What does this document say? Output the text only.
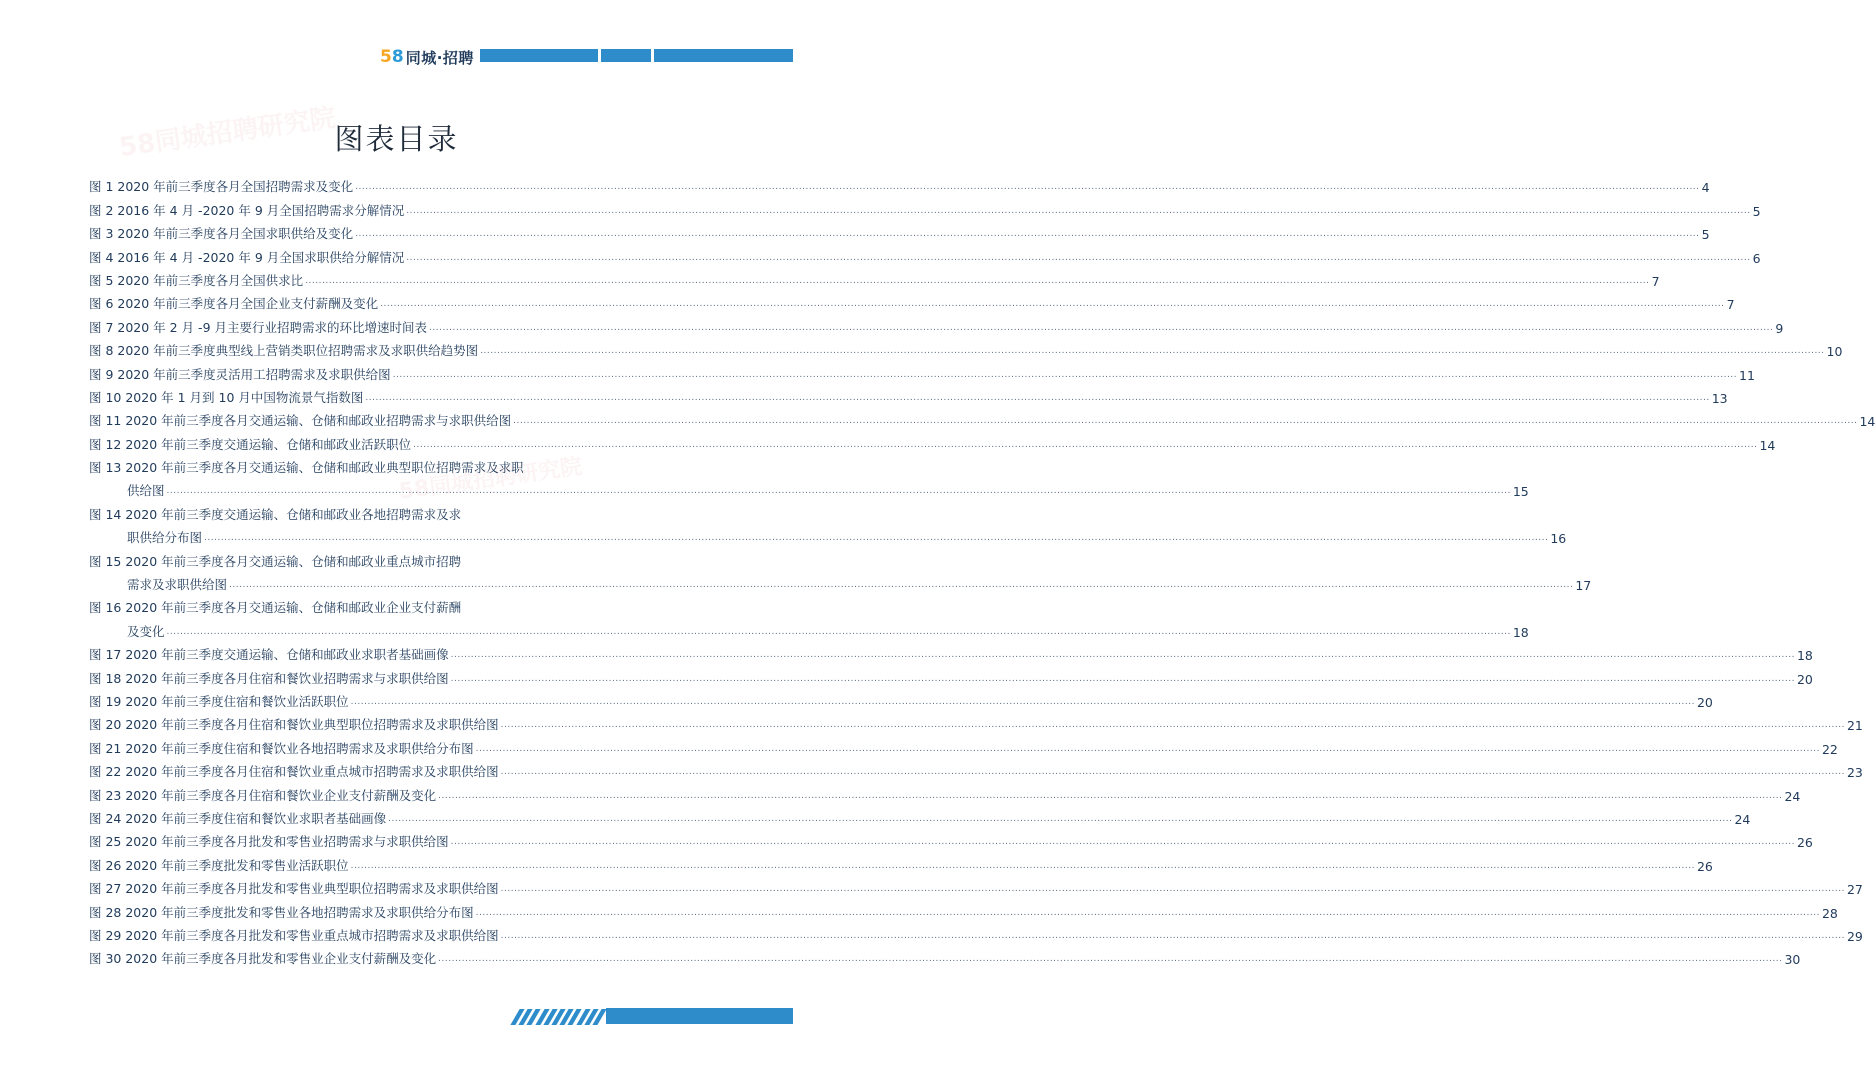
58 同城·招聘
58同城招聘研究院
58同城招聘研究院
图表目录
图 1 2020 年前三季度各月全国招聘需求及变化 ................................................................................................................................................................................................................................................................................................................................................................................................................ 4
图 2 2016 年 4 月 -2020 年 9 月全国招聘需求分解情况 ................................................................................................................................................................................................................................................................................................................................................................................................................ 5
图 3 2020 年前三季度各月全国求职供给及变化 ................................................................................................................................................................................................................................................................................................................................................................................................................ 5
图 4 2016 年 4 月 -2020 年 9 月全国求职供给分解情况 ................................................................................................................................................................................................................................................................................................................................................................................................................ 6
图 5 2020 年前三季度各月全国供求比 ................................................................................................................................................................................................................................................................................................................................................................................................................ 7
图 6 2020 年前三季度各月全国企业支付薪酬及变化 ................................................................................................................................................................................................................................................................................................................................................................................................................ 7
图 7 2020 年 2 月 -9 月主要行业招聘需求的环比增速时间表 ................................................................................................................................................................................................................................................................................................................................................................................................................ 9
图 8 2020 年前三季度典型线上营销类职位招聘需求及求职供给趋势图 ................................................................................................................................................................................................................................................................................................................................................................................................................ 10
图 9 2020 年前三季度灵活用工招聘需求及求职供给图 ................................................................................................................................................................................................................................................................................................................................................................................................................ 11
图 10 2020 年 1 月到 10 月中国物流景气指数图 ................................................................................................................................................................................................................................................................................................................................................................................................................ 13
图 11 2020 年前三季度各月交通运输、仓储和邮政业招聘需求与求职供给图 ................................................................................................................................................................................................................................................................................................................................................................................................................ 14
图 12 2020 年前三季度交通运输、仓储和邮政业活跃职位 ................................................................................................................................................................................................................................................................................................................................................................................................................ 14
图 13 2020 年前三季度各月交通运输、仓储和邮政业典型职位招聘需求及求职
供给图 ................................................................................................................................................................................................................................................................................................................................................................................................................ 15
图 14 2020 年前三季度交通运输、仓储和邮政业各地招聘需求及求
职供给分布图 ................................................................................................................................................................................................................................................................................................................................................................................................................ 16
图 15 2020 年前三季度各月交通运输、仓储和邮政业重点城市招聘
需求及求职供给图 ................................................................................................................................................................................................................................................................................................................................................................................................................ 17
图 16 2020 年前三季度各月交通运输、仓储和邮政业企业支付薪酬
及变化 ................................................................................................................................................................................................................................................................................................................................................................................................................ 18
图 17 2020 年前三季度交通运输、仓储和邮政业求职者基础画像 ................................................................................................................................................................................................................................................................................................................................................................................................................ 18
图 18 2020 年前三季度各月住宿和餐饮业招聘需求与求职供给图 ................................................................................................................................................................................................................................................................................................................................................................................................................ 20
图 19 2020 年前三季度住宿和餐饮业活跃职位 ................................................................................................................................................................................................................................................................................................................................................................................................................ 20
图 20 2020 年前三季度各月住宿和餐饮业典型职位招聘需求及求职供给图 ................................................................................................................................................................................................................................................................................................................................................................................................................ 21
图 21 2020 年前三季度住宿和餐饮业各地招聘需求及求职供给分布图 ................................................................................................................................................................................................................................................................................................................................................................................................................ 22
图 22 2020 年前三季度各月住宿和餐饮业重点城市招聘需求及求职供给图 ................................................................................................................................................................................................................................................................................................................................................................................................................ 23
图 23 2020 年前三季度各月住宿和餐饮业企业支付薪酬及变化 ................................................................................................................................................................................................................................................................................................................................................................................................................ 24
图 24 2020 年前三季度住宿和餐饮业求职者基础画像 ................................................................................................................................................................................................................................................................................................................................................................................................................ 24
图 25 2020 年前三季度各月批发和零售业招聘需求与求职供给图 ................................................................................................................................................................................................................................................................................................................................................................................................................ 26
图 26 2020 年前三季度批发和零售业活跃职位 ................................................................................................................................................................................................................................................................................................................................................................................................................ 26
图 27 2020 年前三季度各月批发和零售业典型职位招聘需求及求职供给图 ................................................................................................................................................................................................................................................................................................................................................................................................................ 27
图 28 2020 年前三季度批发和零售业各地招聘需求及求职供给分布图 ................................................................................................................................................................................................................................................................................................................................................................................................................ 28
图 29 2020 年前三季度各月批发和零售业重点城市招聘需求及求职供给图 ................................................................................................................................................................................................................................................................................................................................................................................................................ 29
图 30 2020 年前三季度各月批发和零售业企业支付薪酬及变化 ................................................................................................................................................................................................................................................................................................................................................................................................................ 30
